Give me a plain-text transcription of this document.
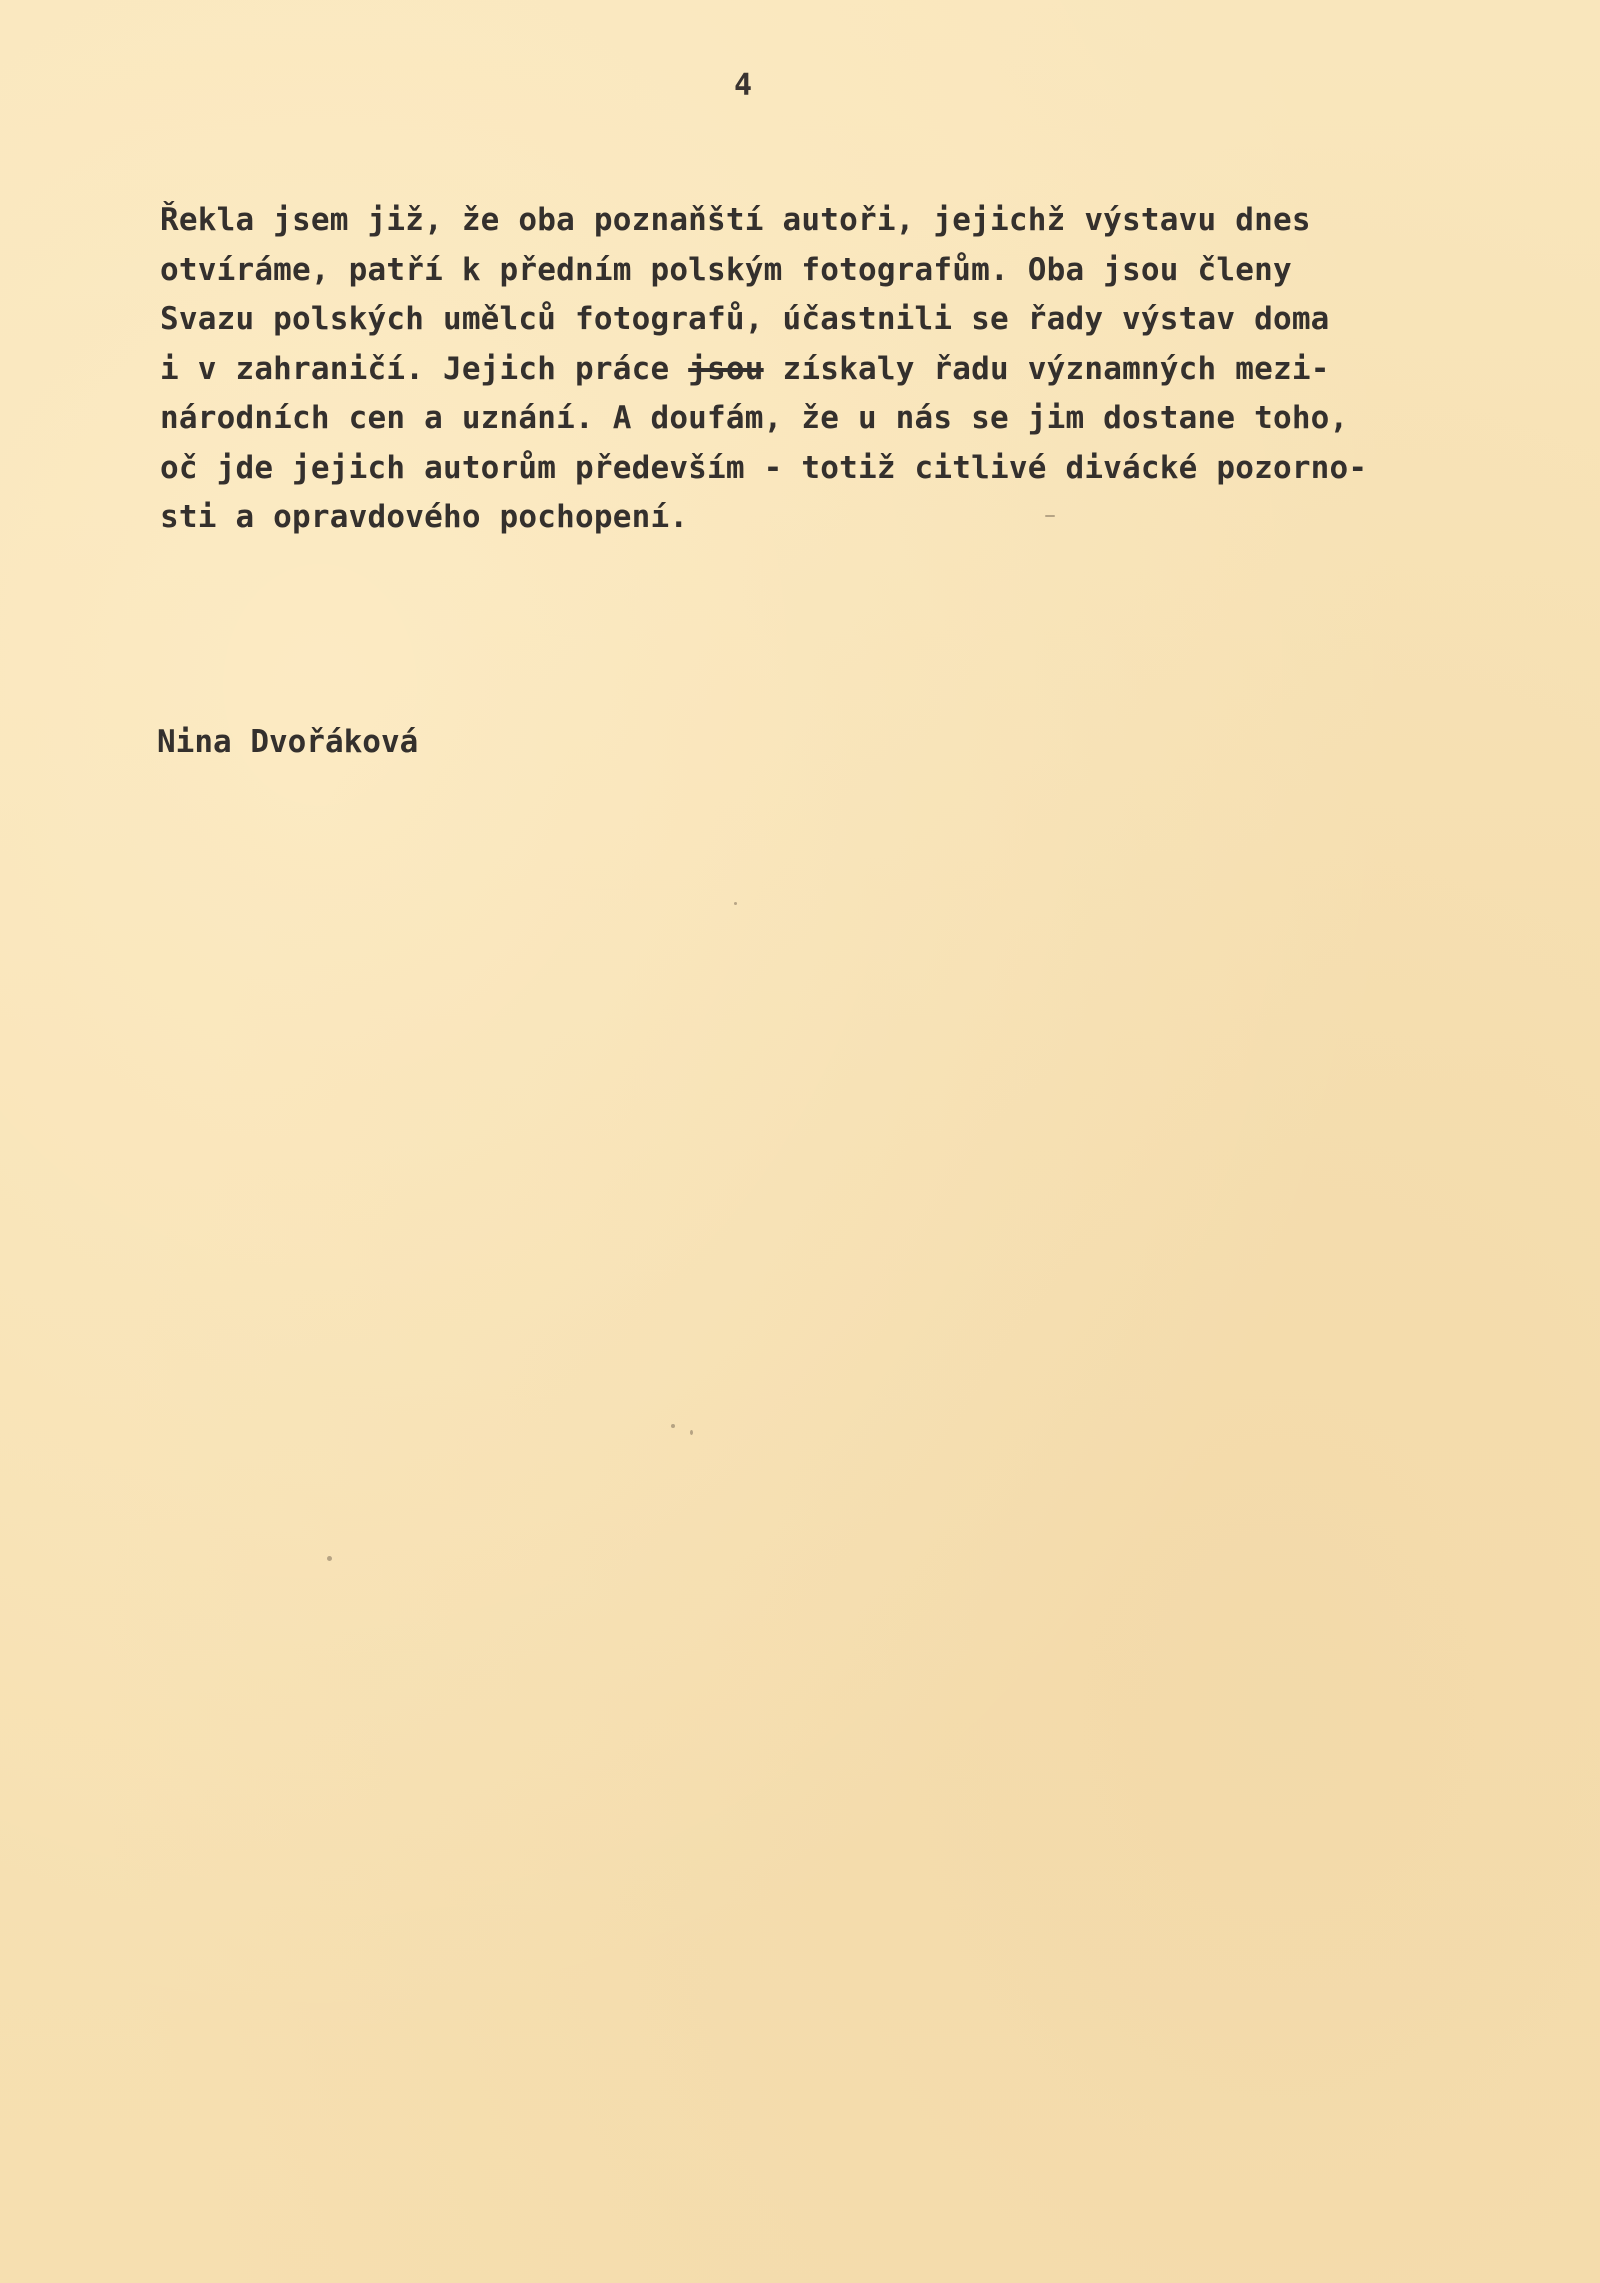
4
Řekla jsem již, že oba poznaňští autoři, jejichž výstavu dnes
otvíráme, patří k předním polským fotografům. Oba jsou členy
Svazu polských umělců fotografů, účastnili se řady výstav doma
i v zahraničí. Jejich práce jsou získaly řadu významných mezi-
národních cen a uznání. A doufám, že u nás se jim dostane toho,
oč jde jejich autorům především - totiž citlivé divácké pozorno-
sti a opravdového pochopení.
Nina Dvořáková
